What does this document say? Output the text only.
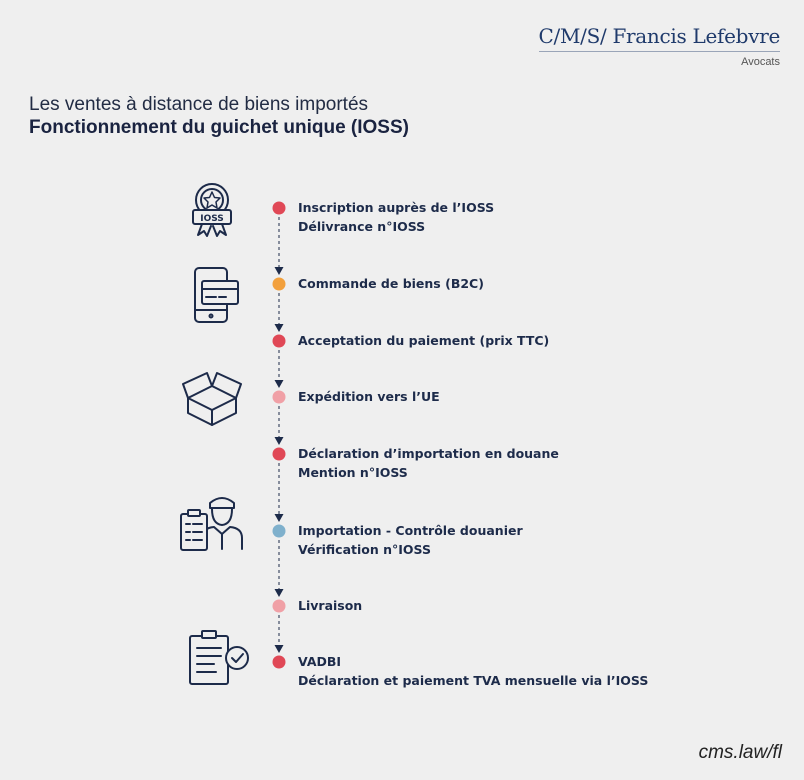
C/M/S/ Francis Lefebvre
Avocats
Les ventes à distance de biens importés
Fonctionnement du guichet unique (IOSS)
IOSS
Inscription auprès de l’IOSS
Délivrance n°IOSS
Commande de biens (B2C)
Acceptation du paiement (prix TTC)
Expédition vers l’UE
Déclaration d’importation en douane
Mention n°IOSS
Importation - Contrôle douanier
Vérification n°IOSS
Livraison
VADBI
Déclaration et paiement TVA mensuelle via l’IOSS
cms.law/fl
